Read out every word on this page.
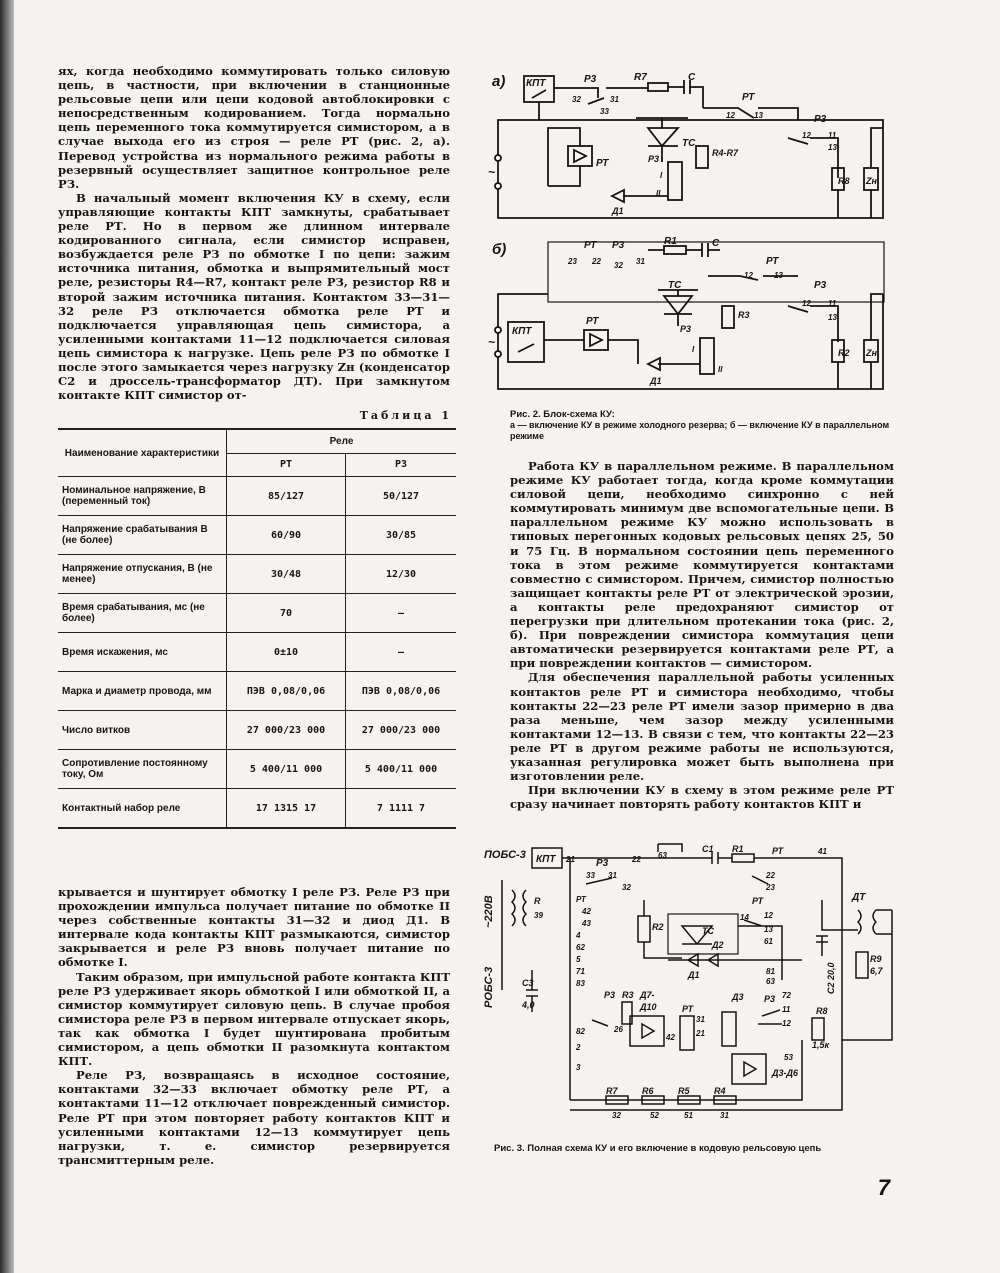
ях, когда необходимо коммутировать только силовую цепь, в частности, при включении в станционные рельсовые цепи или цепи кодовой автоблокировки с непосредственным кодированием. Тогда нормально цепь переменного тока коммутируется симистором, а в случае выхода его из строя — реле РТ (рис. 2, а). Перевод устройства из нормального режима работы в резервный осуществляет защитное контрольное реле РЗ.

В начальный момент включения КУ в схему, если управляющие контакты КПТ замкнуты, срабатывает реле РТ. Но в первом же длинном интервале кодированного сигнала, если симистор исправен, возбуждается реле РЗ по обмотке I по цепи: зажим источника питания, обмотка и выпрямительный мост реле, резисторы R4—R7, контакт реле РЗ, резистор R8 и второй зажим источника питания. Контактом 33—31—32 реле РЗ отключается обмотка реле РТ и подключается управляющая цепь симистора, а усиленными контактами 11—12 подключается силовая цепь симистора к нагрузке. Цепь реле РЗ по обмотке I после этого замыкается через нагрузку Zн (конденсатор С2 и дроссель-трансформатор ДТ). При замкнутом контакте КПТ симистор от-

Таблица 1
Наименование характеристики	Реле	
	РТ	РЗ
Номинальное напряжение, В (переменный ток)	85/127	50/127
Напряжение срабатывания В (не более)	60/90	30/85
Напряжение отпускания, В (не менее)	30/48	12/30
Время срабатывания, мс (не более)	70	—
Время искажения, мс	0±10	—
Марка и диаметр провода, мм	ПЭВ 0,08/0,06	ПЭВ 0,08/0,06
Число витков	27 000/23 000	27 000/23 000
Сопротивление постоянному току, Ом	5 400/11 000	5 400/11 000
Контактный набор реле	17 1315 17	7 1111 7

крывается и шунтирует обмотку I реле РЗ. Реле РЗ при прохождении импульса получает питание по обмотке II через собственные контакты 31—32 и диод Д1. В интервале кода контакты КПТ размыкаются, симистор закрывается и реле РЗ вновь получает питание по обмотке I.

Таким образом, при импульсной работе контакта КПТ реле РЗ удерживает якорь обмоткой I или обмоткой II, а симистор коммутирует силовую цепь. В случае пробоя симистора реле РЗ в первом интервале отпускает якорь, так как обмотка I будет шунтирована пробитым симистором, а цепь обмотки II разомкнута контактом КПТ.

Реле РЗ, возвращаясь в исходное состояние, контактами 32—33 включает обмотку реле РТ, а контактами 11—12 отключает поврежденный симистор. Реле РТ при этом повторяет работу контактов КПТ и усиленными контактами 12—13 коммутирует цепь нагрузки, т. е. симистор резервируется трансмиттерным реле.

а)
~
КПТ	Р3
32	31
33
R7	С
ТС
РТ
12 13	Р3
12 11
13
R8 Zн
РТ
R4-R7
Р3
I
II
Д1
б)
~
РТ Р3
23 22 32 31
R1	С
РТ
12	13
ТС
КПТ
РТ
R3
Р3
12 11
13
R2 Zн
Р3
I
II
Д1
Рис. 2. Блок-схема КУ:
а — включение КУ в режиме холодного резерва; б — включение КУ в параллельном режиме

Работа КУ в параллельном режиме. В параллельном режиме КУ работает тогда, когда кроме коммутации силовой цепи, необходимо синхронно с ней коммутировать минимум две вспомогательные цепи. В параллельном режиме КУ можно использовать в типовых перегонных кодовых рельсовых цепях 25, 50 и 75 Гц. В нормальном состоянии цепь переменного тока в этом режиме коммутируется контактами совместно с симистором. Причем, симистор полностью защищает контакты реле РТ от электрической эрозии, а контакты реле предохраняют симистор от перегрузки при длительном протекании тока (рис. 2, б). При повреждении симистора коммутация цепи автоматически резервируется контактами реле РТ, а при повреждении контактов — симистором.

Для обеспечения параллельной работы усиленных контактов реле РТ и симистора необходимо, чтобы контакты 22—23 реле РТ имели зазор примерно в два раза меньше, чем зазор между усиленными контактами 12—13. В связи с тем, что контакты 22—23 реле РТ в другом режиме работы не используются, указанная регулировка может быть выполнена при изготовлении реле.

При включении КУ в схему в этом режиме реле РТ сразу начинает повторять работу контактов КПТ и

ПОБС-3 КПТ 21 Р3	22 63
С1 R1	РТ	41
33 31
32
22
23
~220В	R
39
РОБС-3	С3
4,0
РТ
42
43
4
62
5
71
83
82
2
3
R2	ТС
РТ
14 12
13
61
Д1
Д2
81
63
ДТ
С2 20,0
R9
6,7
Р3 R3
26
Д7-
Д10	РТ
31
21
42
Д3 Р3 72
11
12
R8
1,5к
53
Д3-Д6
R7	R6	R5	R4
32	52	51	31
Рис. 3. Полная схема КУ и его включение в кодовую рельсовую цепь
7
